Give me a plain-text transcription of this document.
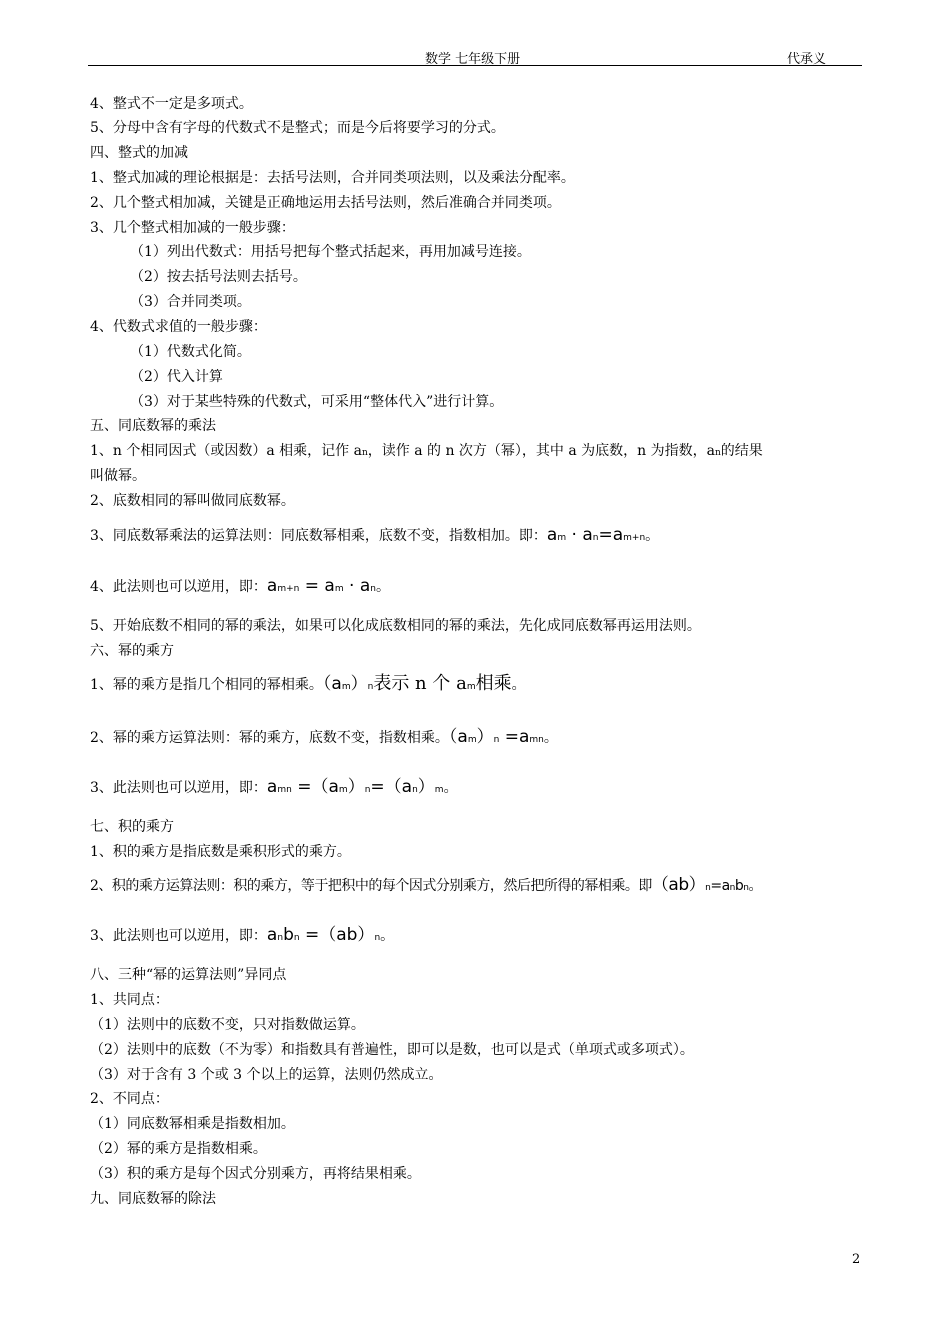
数学 七年级下册	代承义
4、整式不一定是多项式。
5、分母中含有字母的代数式不是整式；而是今后将要学习的分式。
四、整式的加减
1、整式加减的理论根据是：去括号法则，合并同类项法则，以及乘法分配率。
2、几个整式相加减，关键是正确地运用去括号法则，然后准确合并同类项。
3、几个整式相加减的一般步骤：
（1）列出代数式：用括号把每个整式括起来，再用加减号连接。
（2）按去括号法则去括号。
（3）合并同类项。
4、代数式求值的一般步骤：
（1）代数式化简。
（2）代入计算
（3）对于某些特殊的代数式，可采用“整体代入”进行计算。
五、同底数幂的乘法
1、n 个相同因式（或因数）a 相乘，记作 an，读作 a 的 n 次方（幂），其中 a 为底数，n 为指数，an的结果
叫做幂。
2、底数相同的幂叫做同底数幂。
3、同底数幂乘法的运算法则：同底数幂相乘，底数不变，指数相加。即：am · an=am+n。
4、此法则也可以逆用，即：am+n = am · an。
5、开始底数不相同的幂的乘法，如果可以化成底数相同的幂的乘法，先化成同底数幂再运用法则。
六、幂的乘方
1、幂的乘方是指几个相同的幂相乘。（am）n表示 n 个 am相乘。
2、幂的乘方运算法则：幂的乘方，底数不变，指数相乘。（am）n =amn。
3、此法则也可以逆用，即：amn =（am）n=（an）m。
七、积的乘方
1、积的乘方是指底数是乘积形式的乘方。
2、积的乘方运算法则：积的乘方，等于把积中的每个因式分别乘方，然后把所得的幂相乘。即（ab）n=anbn。
3、此法则也可以逆用，即：anbn =（ab）n。
八、三种“幂的运算法则”异同点
1、共同点：
（1）法则中的底数不变，只对指数做运算。
（2）法则中的底数（不为零）和指数具有普遍性，即可以是数，也可以是式（单项式或多项式）。
（3）对于含有 3 个或 3 个以上的运算，法则仍然成立。
2、不同点：
（1）同底数幂相乘是指数相加。
（2）幂的乘方是指数相乘。
（3）积的乘方是每个因式分别乘方，再将结果相乘。
九、同底数幂的除法
2
